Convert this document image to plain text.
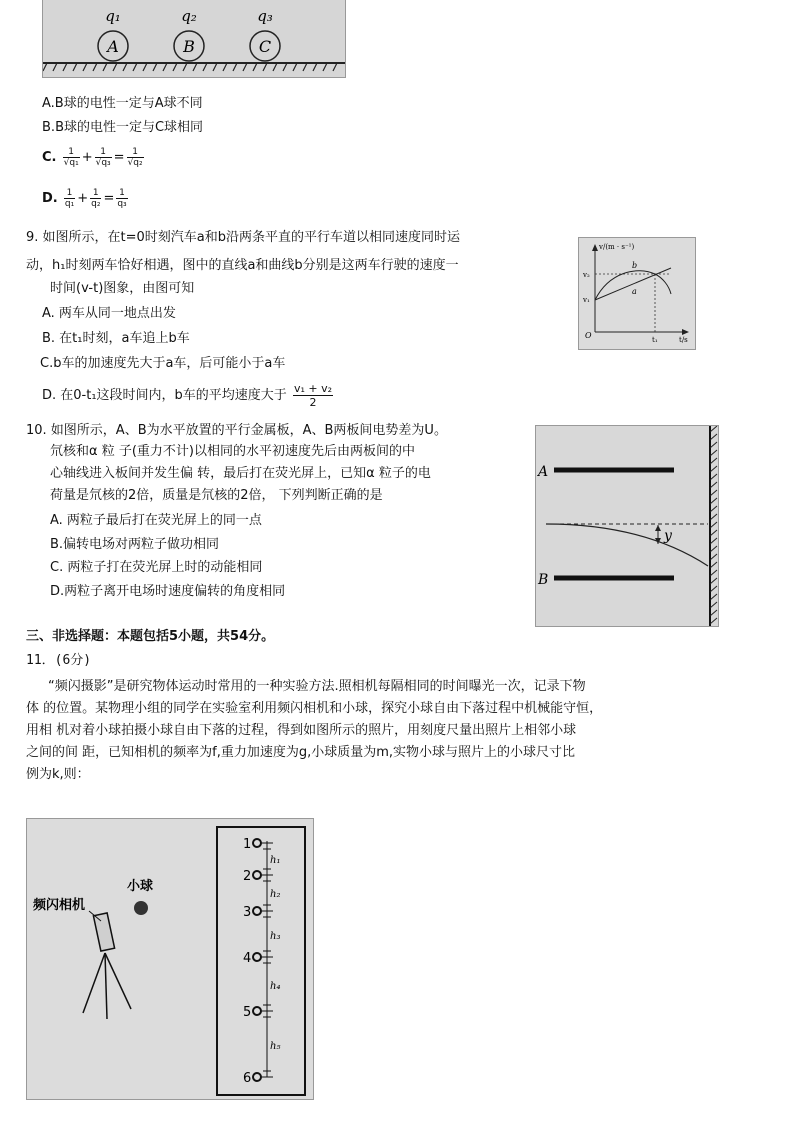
A	B	C
q₁	q₂	q₃
A.B球的电性一定与A球不同
B.B球的电性一定与C球相同
C. $\frac{1}{\text{√q₁}} + \frac{1}{\text{√q₃}} = \frac{1}{\text{√q₂}}$
D. $\frac{1}{\text{q₁}} + \frac{1}{\text{q₂}} = \frac{1}{\text{q₃}}$
9. 如图所示，在t=0时刻汽车a和b沿两条平直的平行车道以相同速度同时运
动，h₁时刻两车恰好相遇，图中的直线a和曲线b分别是这两车行驶的速度一
时间(v-t)图象，由图可知
A. 两车从同一地点出发
B. 在t₁时刻，a车追上b车
C.b车的加速度先大于a车，后可能小于a车
D. 在0-t₁这段时间内，b车的平均速度大于 $\frac{\text{v₁ + v₂}}{2}$
v/(m · s⁻¹)
t/s
v₂
v₁
O	t₁
b
a
10. 如图所示，A、B为水平放置的平行金属板，A、B两板间电势差为U。
氘核和α 粒 子(重力不计)以相同的水平初速度先后由两板间的中
心轴线进入板间并发生偏 转，最后打在荧光屏上，已知α 粒子的电
荷量是氘核的2倍，质量是氘核的2倍， 下列判断正确的是
A. 两粒子最后打在荧光屏上的同一点
B.偏转电场对两粒子做功相同
C. 两粒子打在荧光屏上时的动能相同
D.两粒子离开电场时速度偏转的角度相同
A
B
y
三、非选择题：本题包括5小题，共54分。
11．(6分)
“频闪摄影”是研究物体运动时常用的一种实验方法.照相机每隔相同的时间曝光一次，记录下物
体 的位置。某物理小组的同学在实验室利用频闪相机和小球，探究小球自由下落过程中机械能守恒，
用相 机对着小球拍摄小球自由下落的过程，得到如图所示的照片，用刻度尺量出照片上相邻小球
之间的间 距，已知相机的频率为f,重力加速度为g,小球质量为m,实物小球与照片上的小球尺寸比
例为k,则：
频闪相机
小球
1
2
3
4
5
6
h₁
h₂
h₃
h₄
h₅
